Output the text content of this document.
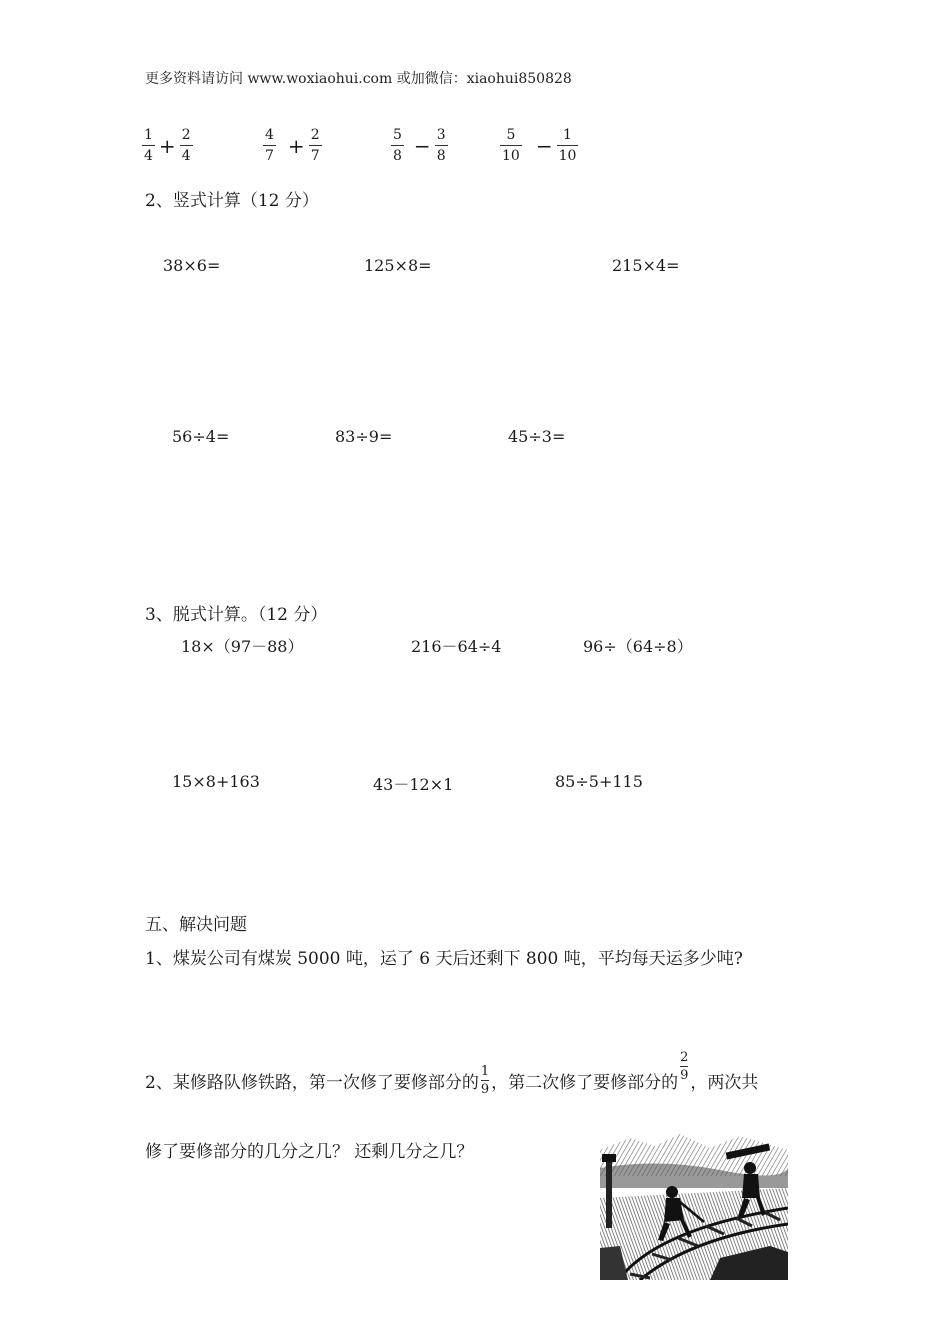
更多资料请访问 www.woxiaohui.com 或加微信：xiaohui850828
$\frac{1}{4} + \frac{2}{4}$	$\frac{4}{7} + \frac{2}{7}$	$\frac{5}{8} - \frac{3}{8}$	$\frac{5}{10} - \frac{1}{10}$
2、竖式计算（12 分）
38×6=	125×8=	215×4=
56÷4=	83÷9=	45÷3=
3、脱式计算。（12 分）
18×（97－88）	216－64÷4	96÷（64÷8）
15×8+163	43－12×1	85÷5+115
五、解决问题
1、煤炭公司有煤炭 5000 吨，运了 6 天后还剩下 800 吨，平均每天运多少吨?
2、某修路队修铁路，第一次修了要修部分的 $\frac{1}{9}$ ，第二次修了要修部分的
$\frac{2}{9}$
，两次共
修了要修部分的几分之几？ 还剩几分之几？
